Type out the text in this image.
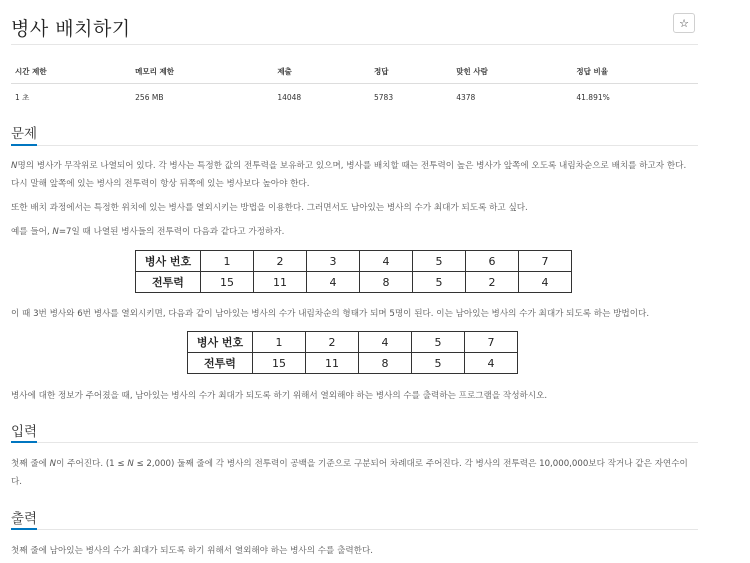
병사 배치하기	☆
시간 제한	메모리 제한	제출	정답	맞힌 사람	정답 비율
1 초	256 MB	14048	5783	4378	41.891%
문제

N명의 병사가 무작위로 나열되어 있다. 각 병사는 특정한 값의 전투력을 보유하고 있으며, 병사를 배치할 때는 전투력이 높은 병사가 앞쪽에 오도록 내림차순으로 배치를 하고자 한다. 다시 말해 앞쪽에 있는 병사의 전투력이 항상 뒤쪽에 있는 병사보다 높아야 한다.

또한 배치 과정에서는 특정한 위치에 있는 병사를 열외시키는 방법을 이용한다. 그러면서도 남아있는 병사의 수가 최대가 되도록 하고 싶다.

예를 들어, N=7일 때 나열된 병사들의 전투력이 다음과 같다고 가정하자.

병사 번호	1	2	3	4	5	6	7
전투력	15	11	4	8	5	2	4

이 때 3번 병사와 6번 병사를 열외시키면, 다음과 같이 남아있는 병사의 수가 내림차순의 형태가 되며 5명이 된다. 이는 남아있는 병사의 수가 최대가 되도록 하는 방법이다.

병사 번호	1	2	4	5	7
전투력	15	11	8	5	4

병사에 대한 정보가 주어졌을 때, 남아있는 병사의 수가 최대가 되도록 하기 위해서 열외해야 하는 병사의 수를 출력하는 프로그램을 작성하시오.

입력

첫째 줄에 N이 주어진다. (1 ≤ N ≤ 2,000) 둘째 줄에 각 병사의 전투력이 공백을 기준으로 구분되어 차례대로 주어진다. 각 병사의 전투력은 10,000,000보다 작거나 같은 자연수이다.

출력

첫째 줄에 남아있는 병사의 수가 최대가 되도록 하기 위해서 열외해야 하는 병사의 수를 출력한다.
